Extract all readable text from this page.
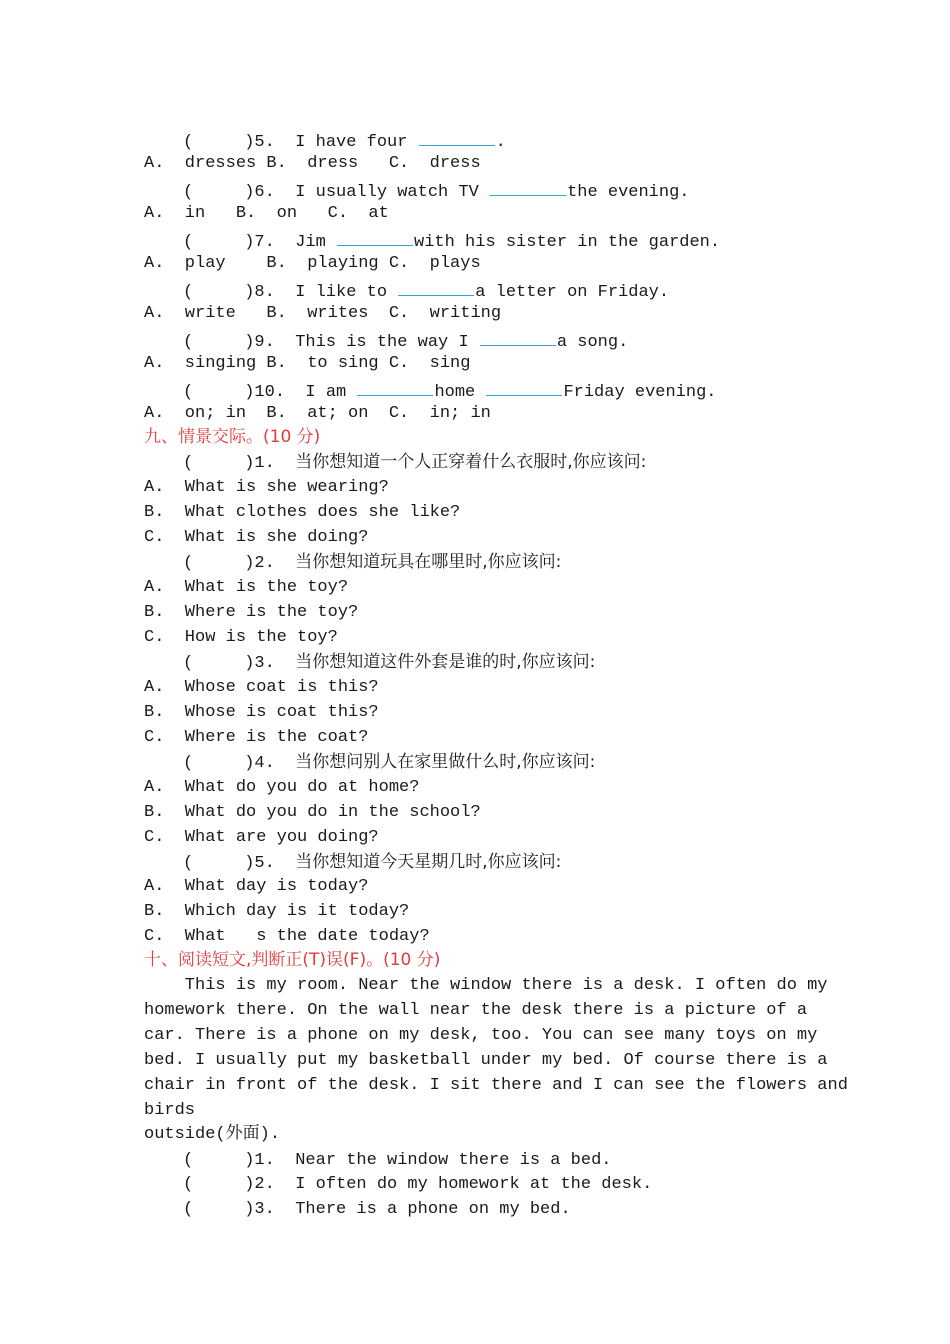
(     )5.  I have four	.
A.  dresses B.  dress   C.  dress
(     )6.  I usually watch TV	the evening.
A.  in   B.  on   C.  at
(     )7.  Jim	with his sister in the garden.
A.  play    B.  playing C.  plays
(     )8.  I like to	a letter on Friday.
A.  write   B.  writes  C.  writing
(     )9.  This is the way I	a song.
A.  singing B.  to sing C.  sing
(     )10.  I am	home	Friday evening.
A.  on; in  B.  at; on  C.  in; in
九、情景交际。(10 分)
(     )1.  当你想知道一个人正穿着什么衣服时,你应该问:
A.  What is she wearing?
B.  What clothes does she like?
C.  What is she doing?
(     )2.  当你想知道玩具在哪里时,你应该问:
A.  What is the toy?
B.  Where is the toy?
C.  How is the toy?
(     )3.  当你想知道这件外套是谁的时,你应该问:
A.  Whose coat is this?
B.  Whose is coat this?
C.  Where is the coat?
(     )4.  当你想问别人在家里做什么时,你应该问:
A.  What do you do at home?
B.  What do you do in the school?
C.  What are you doing?
(     )5.  当你想知道今天星期几时,你应该问:
A.  What day is today?
B.  Which day is it today?
C.  What   s the date today?
十、阅读短文,判断正(T)误(F)。(10 分)
This is my room. Near the window there is a desk. I often do my
homework there. On the wall near the desk there is a picture of a
car. There is a phone on my desk, too. You can see many toys on my
bed. I usually put my basketball under my bed. Of course there is a
chair in front of the desk. I sit there and I can see the flowers and
birds
outside(外面).
(     )1.  Near the window there is a bed.
(     )2.  I often do my homework at the desk.
(     )3.  There is a phone on my bed.
